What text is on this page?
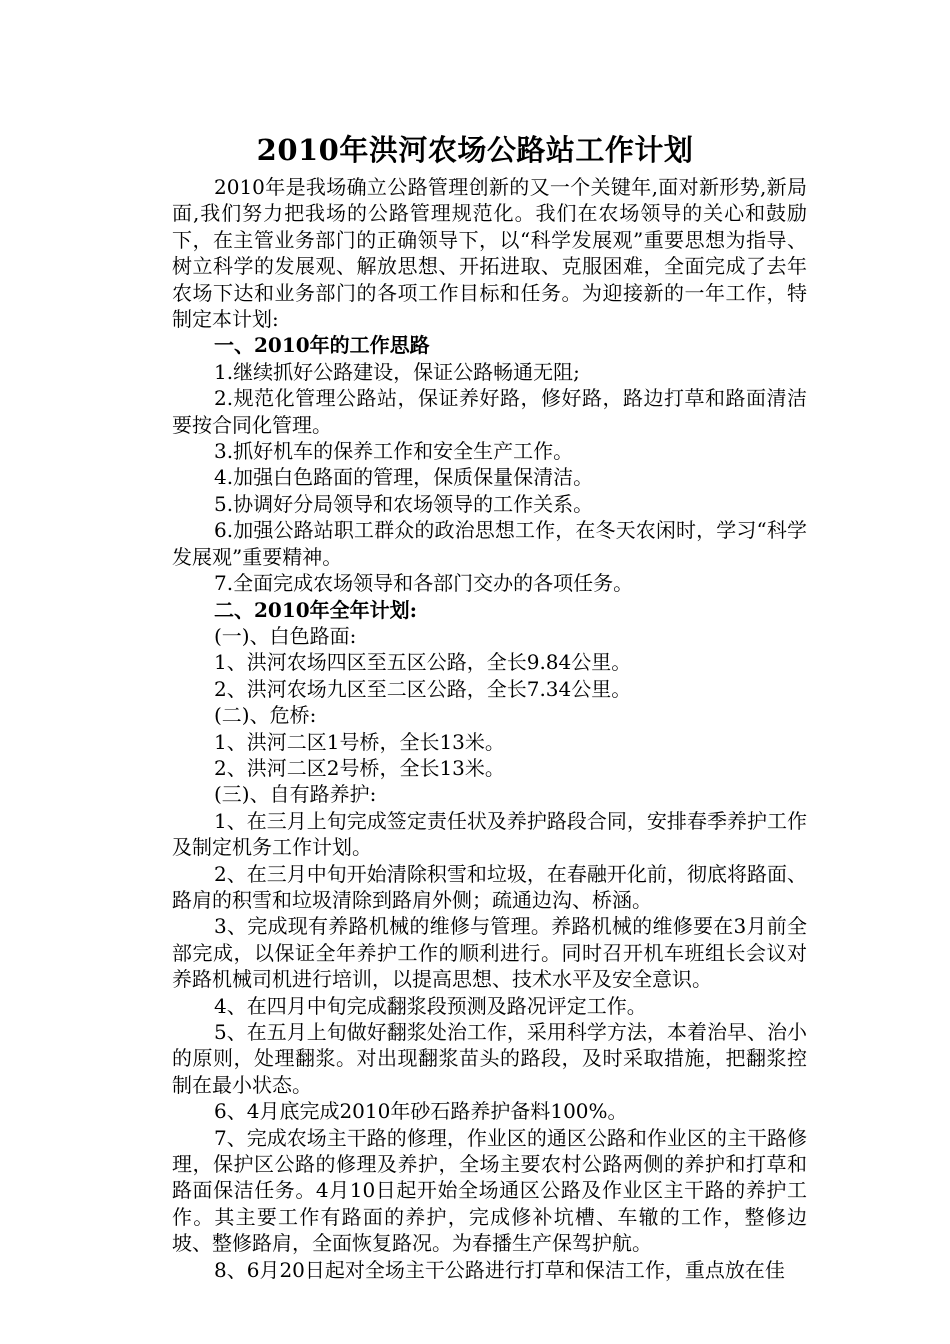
2010年洪河农场公路站工作计划

2010年是我场确立公路管理创新的又一个关键年,面对新形势,新局面,我们努力把我场的公路管理规范化。我们在农场领导的关心和鼓励下，在主管业务部门的正确领导下，以“科学发展观”重要思想为指导、树立科学的发展观、解放思想、开拓进取、克服困难，全面完成了去年农场下达和业务部门的各项工作目标和任务。为迎接新的一年工作，特制定本计划:

一、2010年的工作思路

1.继续抓好公路建设，保证公路畅通无阻;

2.规范化管理公路站，保证养好路，修好路，路边打草和路面清洁要按合同化管理。

3.抓好机车的保养工作和安全生产工作。

4.加强白色路面的管理，保质保量保清洁。

5.协调好分局领导和农场领导的工作关系。

6.加强公路站职工群众的政治思想工作，在冬天农闲时，学习“科学发展观”重要精神。

7.全面完成农场领导和各部门交办的各项任务。

二、2010年全年计划:

(一)、白色路面:

1、洪河农场四区至五区公路，全长9.84公里。

2、洪河农场九区至二区公路，全长7.34公里。

(二)、危桥:

1、洪河二区1号桥，全长13米。

2、洪河二区2号桥，全长13米。

(三)、自有路养护:

1、在三月上旬完成签定责任状及养护路段合同，安排春季养护工作及制定机务工作计划。

2、在三月中旬开始清除积雪和垃圾，在春融开化前，彻底将路面、路肩的积雪和垃圾清除到路肩外侧；疏通边沟、桥涵。

3、完成现有养路机械的维修与管理。养路机械的维修要在3月前全部完成，以保证全年养护工作的顺利进行。同时召开机车班组长会议对养路机械司机进行培训，以提高思想、技术水平及安全意识。

4、在四月中旬完成翻浆段预测及路况评定工作。

5、在五月上旬做好翻浆处治工作，采用科学方法，本着治早、治小的原则，处理翻浆。对出现翻浆苗头的路段，及时采取措施，把翻浆控制在最小状态。

6、4月底完成2010年砂石路养护备料100%。

7、完成农场主干路的修理，作业区的通区公路和作业区的主干路修理，保护区公路的修理及养护，全场主要农村公路两侧的养护和打草和路面保洁任务。4月10日起开始全场通区公路及作业区主干路的养护工作。其主要工作有路面的养护，完成修补坑槽、车辙的工作，整修边坡、整修路肩，全面恢复路况。为春播生产保驾护航。

8、6月20日起对全场主干公路进行打草和保洁工作，重点放在佳
